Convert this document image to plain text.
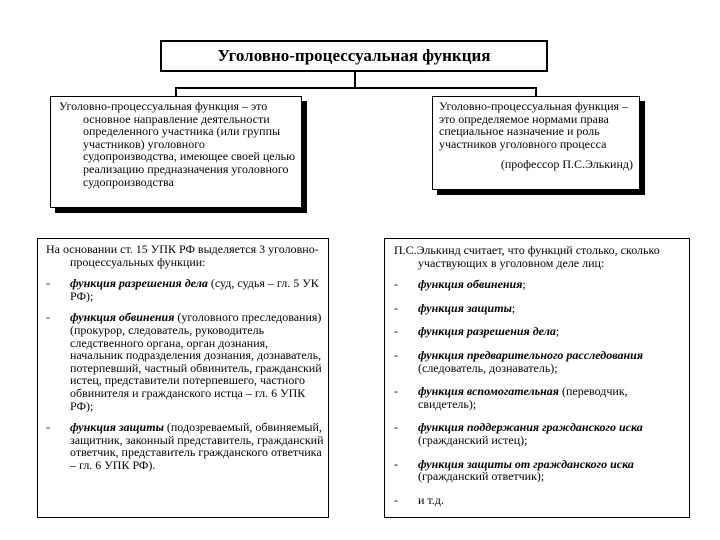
Уголовно-процессуальная функция
Уголовно-процессуальная функция – это основное направление деятельности определенного участника (или группы участников) уголовного судопроизводства, имеющее своей целью реализацию предназначения уголовного судопроизводства
Уголовно-процессуальная функция – это определяемое нормами права специальное назначение и роль участников уголовного процесса
(профессор П.С.Элькинд)
На основании ст. 15 УПК РФ выделяется 3 уголовно-процессуальных функции:
- функция разрешения дела (суд, судья – гл. 5 УК РФ);
- функция обвинения (уголовного преследования) (прокурор, следователь, руководитель следственного органа, орган дознания, начальник подразделения дознания, дознаватель, потерпевший, частный обвинитель, гражданский истец, представители потерпевшего, частного обвинителя и гражданского истца – гл. 6 УПК РФ);
- функция защиты (подозреваемый, обвиняемый, защитник, законный представитель, гражданский ответчик, представитель гражданского ответчика – гл. 6 УПК РФ).
П.С.Элькинд считает, что функций столько, сколько участвующих в уголовном деле лиц:
- функция обвинения;
- функция защиты;
- функция разрешения дела;
- функция предварительного расследования (следователь, дознаватель);
- функция вспомогательная (переводчик, свидетель);
- функция поддержания гражданского иска (гражданский истец);
- функция защиты от гражданского иска (гражданский ответчик);
- и т.д.
